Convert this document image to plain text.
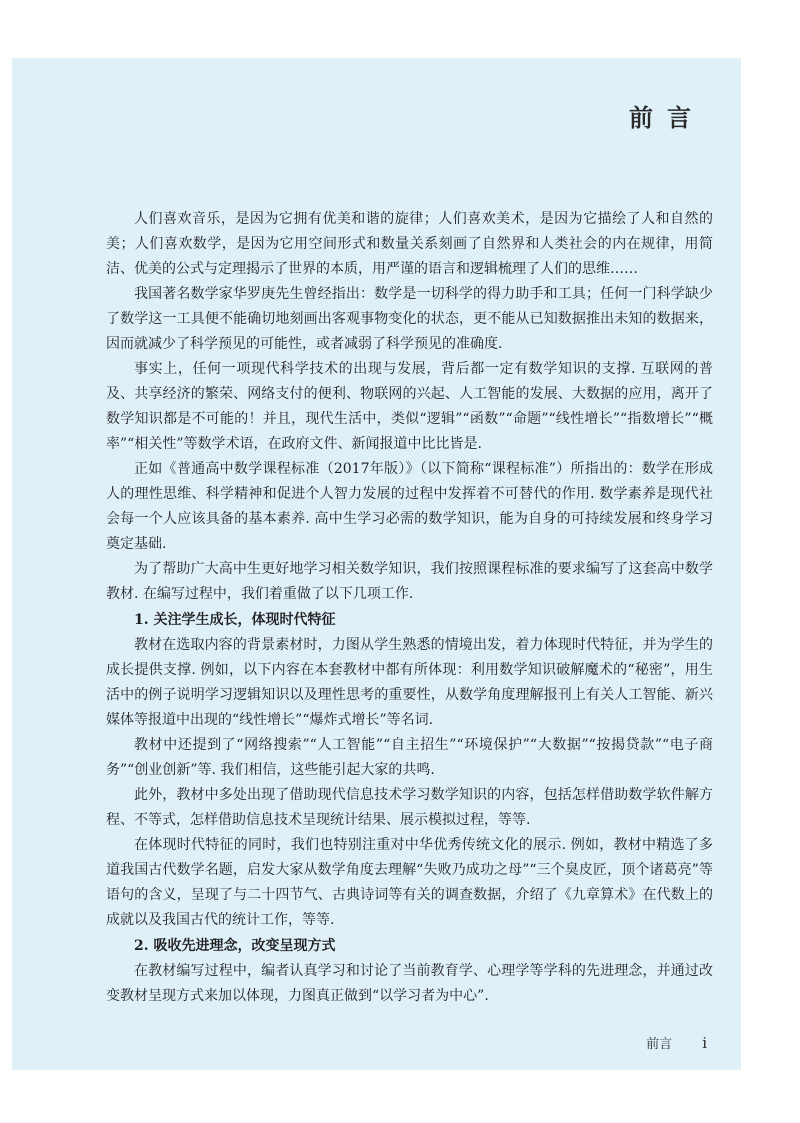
前言

人们喜欢音乐，是因为它拥有优美和谐的旋律；人们喜欢美术，是因为它描绘了人和自然的美；人们喜欢数学，是因为它用空间形式和数量关系刻画了自然界和人类社会的内在规律，用简洁、优美的公式与定理揭示了世界的本质，用严谨的语言和逻辑梳理了人们的思维……

我国著名数学家华罗庚先生曾经指出：数学是一切科学的得力助手和工具；任何一门科学缺少了数学这一工具便不能确切地刻画出客观事物变化的状态，更不能从已知数据推出未知的数据来，因而就减少了科学预见的可能性，或者减弱了科学预见的准确度.

事实上，任何一项现代科学技术的出现与发展，背后都一定有数学知识的支撑. 互联网的普及、共享经济的繁荣、网络支付的便利、物联网的兴起、人工智能的发展、大数据的应用，离开了数学知识都是不可能的！并且，现代生活中，类似“逻辑”“函数”“命题”“线性增长”“指数增长”“概率”“相关性”等数学术语，在政府文件、新闻报道中比比皆是.

正如《普通高中数学课程标准（2017年版）》（以下简称“课程标准”）所指出的：数学在形成人的理性思维、科学精神和促进个人智力发展的过程中发挥着不可替代的作用. 数学素养是现代社会每一个人应该具备的基本素养. 高中生学习必需的数学知识，能为自身的可持续发展和终身学习奠定基础.

为了帮助广大高中生更好地学习相关数学知识，我们按照课程标准的要求编写了这套高中数学教材. 在编写过程中，我们着重做了以下几项工作.

1. 关注学生成长，体现时代特征

教材在选取内容的背景素材时，力图从学生熟悉的情境出发，着力体现时代特征，并为学生的成长提供支撑. 例如，以下内容在本套教材中都有所体现：利用数学知识破解魔术的“秘密”，用生活中的例子说明学习逻辑知识以及理性思考的重要性，从数学角度理解报刊上有关人工智能、新兴媒体等报道中出现的“线性增长”“爆炸式增长”等名词.

教材中还提到了“网络搜索”“人工智能”“自主招生”“环境保护”“大数据”“按揭贷款”“电子商务”“创业创新”等. 我们相信，这些能引起大家的共鸣.

此外，教材中多处出现了借助现代信息技术学习数学知识的内容，包括怎样借助数学软件解方程、不等式，怎样借助信息技术呈现统计结果、展示模拟过程，等等.

在体现时代特征的同时，我们也特别注重对中华优秀传统文化的展示. 例如，教材中精选了多道我国古代数学名题，启发大家从数学角度去理解“失败乃成功之母”“三个臭皮匠，顶个诸葛亮”等语句的含义，呈现了与二十四节气、古典诗词等有关的调查数据，介绍了《九章算术》在代数上的成就以及我国古代的统计工作，等等.

2. 吸收先进理念，改变呈现方式

在教材编写过程中，编者认真学习和讨论了当前教育学、心理学等学科的先进理念，并通过改变教材呈现方式来加以体现，力图真正做到“以学习者为中心”.

前言 i
